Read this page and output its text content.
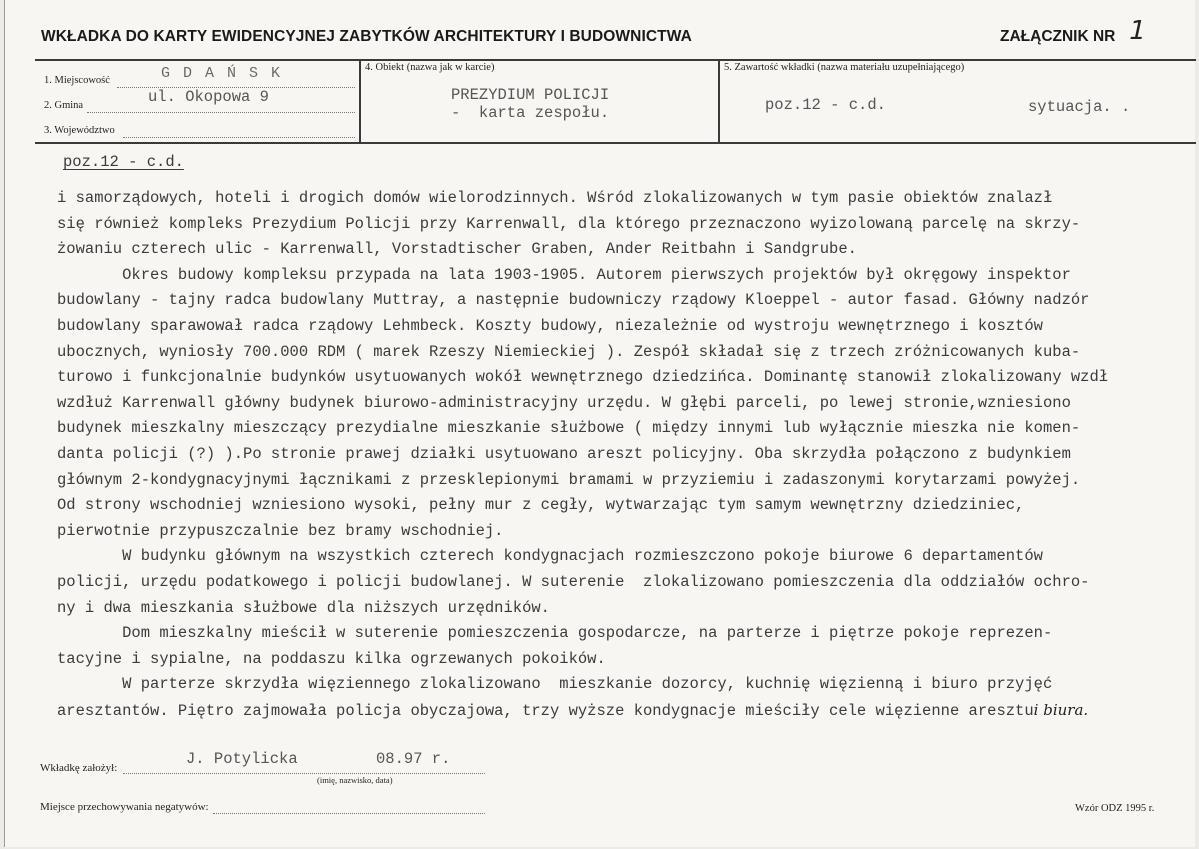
WKŁADKA DO KARTY EWIDENCYJNEJ ZABYTKÓW ARCHITEKTURY I BUDOWNICTWA	ZAŁĄCZNIK NR 1
1. Miejscowość	G D A Ń S K
2. Gmina	ul. Okopowa 9
3. Województwo
4. Obiekt (nazwa jak w karcie)
PREZYDIUM POLICJI
-  karta zespołu.
5. Zawartość wkładki (nazwa materiału uzupełniającego)
poz.12 - c.d.	sytuacja. .
poz.12 - c.d.
i samorządowych, hoteli i drogich domów wielorodzinnych. Wśród zlokalizowanych w tym pasie obiektów znalazł
się również kompleks Prezydium Policji przy Karrenwall, dla którego przeznaczono wyizolowaną parcelę na skrzy-
żowaniu czterech ulic - Karrenwall, Vorstadtischer Graben, Ander Reitbahn i Sandgrube.
Okres budowy kompleksu przypada na lata 1903-1905. Autorem pierwszych projektów był okręgowy inspektor
budowlany - tajny radca budowlany Muttray, a następnie budowniczy rządowy Kloeppel - autor fasad. Główny nadzór
budowlany sparawował radca rządowy Lehmbeck. Koszty budowy, niezależnie od wystroju wewnętrznego i kosztów
ubocznych, wyniosły 700.000 RDM ( marek Rzeszy Niemieckiej ). Zespół składał się z trzech zróżnicowanych kuba-
turowo i funkcjonalnie budynków usytuowanych wokół wewnętrznego dziedzińca. Dominantę stanowił zlokalizowany wzdł
wzdłuż Karrenwall główny budynek biurowo-administracyjny urzędu. W głębi parceli, po lewej stronie,wzniesiono
budynek mieszkalny mieszczący prezydialne mieszkanie służbowe ( między innymi lub wyłącznie mieszka nie komen-
danta policji (?) ).Po stronie prawej działki usytuowano areszt policyjny. Oba skrzydła połączono z budynkiem
głównym 2-kondygnacyjnymi łącznikami z przesklepionymi bramami w przyziemiu i zadaszonymi korytarzami powyżej.
Od strony wschodniej wzniesiono wysoki, pełny mur z cegły, wytwarzając tym samym wewnętrzny dziedziniec,
pierwotnie przypuszczalnie bez bramy wschodniej.
W budynku głównym na wszystkich czterech kondygnacjach rozmieszczono pokoje biurowe 6 departamentów
policji, urzędu podatkowego i policji budowlanej. W suterenie  zlokalizowano pomieszczenia dla oddziałów ochro-
ny i dwa mieszkania służbowe dla niższych urzędników.
Dom mieszkalny mieścił w suterenie pomieszczenia gospodarcze, na parterze i piętrze pokoje reprezen-
tacyjne i sypialne, na poddaszu kilka ogrzewanych pokoików.
W parterze skrzydła więziennego zlokalizowano  mieszkanie dozorcy, kuchnię więzienną i biuro przyjęć
aresztantów. Piętro zajmowała policja obyczajowa, trzy wyższe kondygnacje mieściły cele więzienne aresztui biura.
Wkładkę założył:	J. Potylicka	08.97 r.
(imię, nazwisko, data)
Miejsce przechowywania negatywów:	Wzór ODZ 1995 r.
